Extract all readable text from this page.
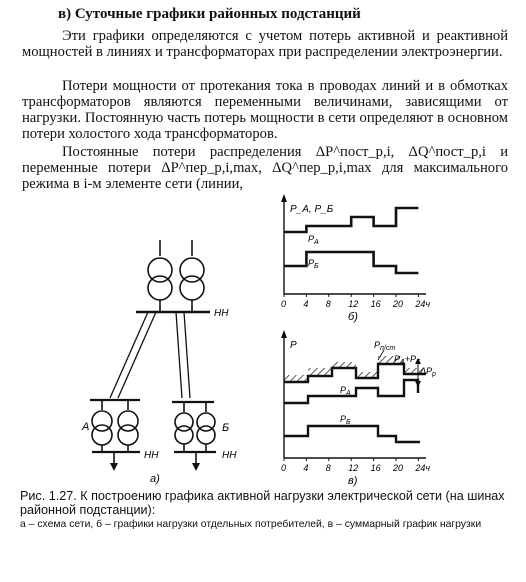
в) Суточные графики районных подстанций

Эти графики определяются с учетом потерь активной и реактивной мощностей в линиях и трансформаторах при распределении электроэнергии.

Потери мощности от протекания тока в проводах линий и в обмотках трансформаторов являются переменными величинами, зависящими от нагрузки. Постоянную часть потерь мощности в сети определяют в основном потери холостого хода трансформаторов.

Постоянные потери распределения ΔP^пост_р,i, ΔQ^пост_р,i и переменные потери ΔP^пер_р,i,max, ΔQ^пер_р,i,max для максимального режима в i-м элементе сети (линии,

НН
А	Б
НН	НН
а)
P_A, P_Б
$P_А$
$P_Б$
0 4 8 12 16 20 24ч
б)
P	$P_{п/ст}$
$P_А+P_Б$
$\Delta P_р$
$P_А$
$P_Б$
0 4 8 12 16 20 24ч
в)
Рис. 1.27. К построению графика активной нагрузки электрической сети (на шинах районной подстанции):
а – схема сети, б – графики нагрузки отдельных потребителей, в – суммарный график нагрузки
